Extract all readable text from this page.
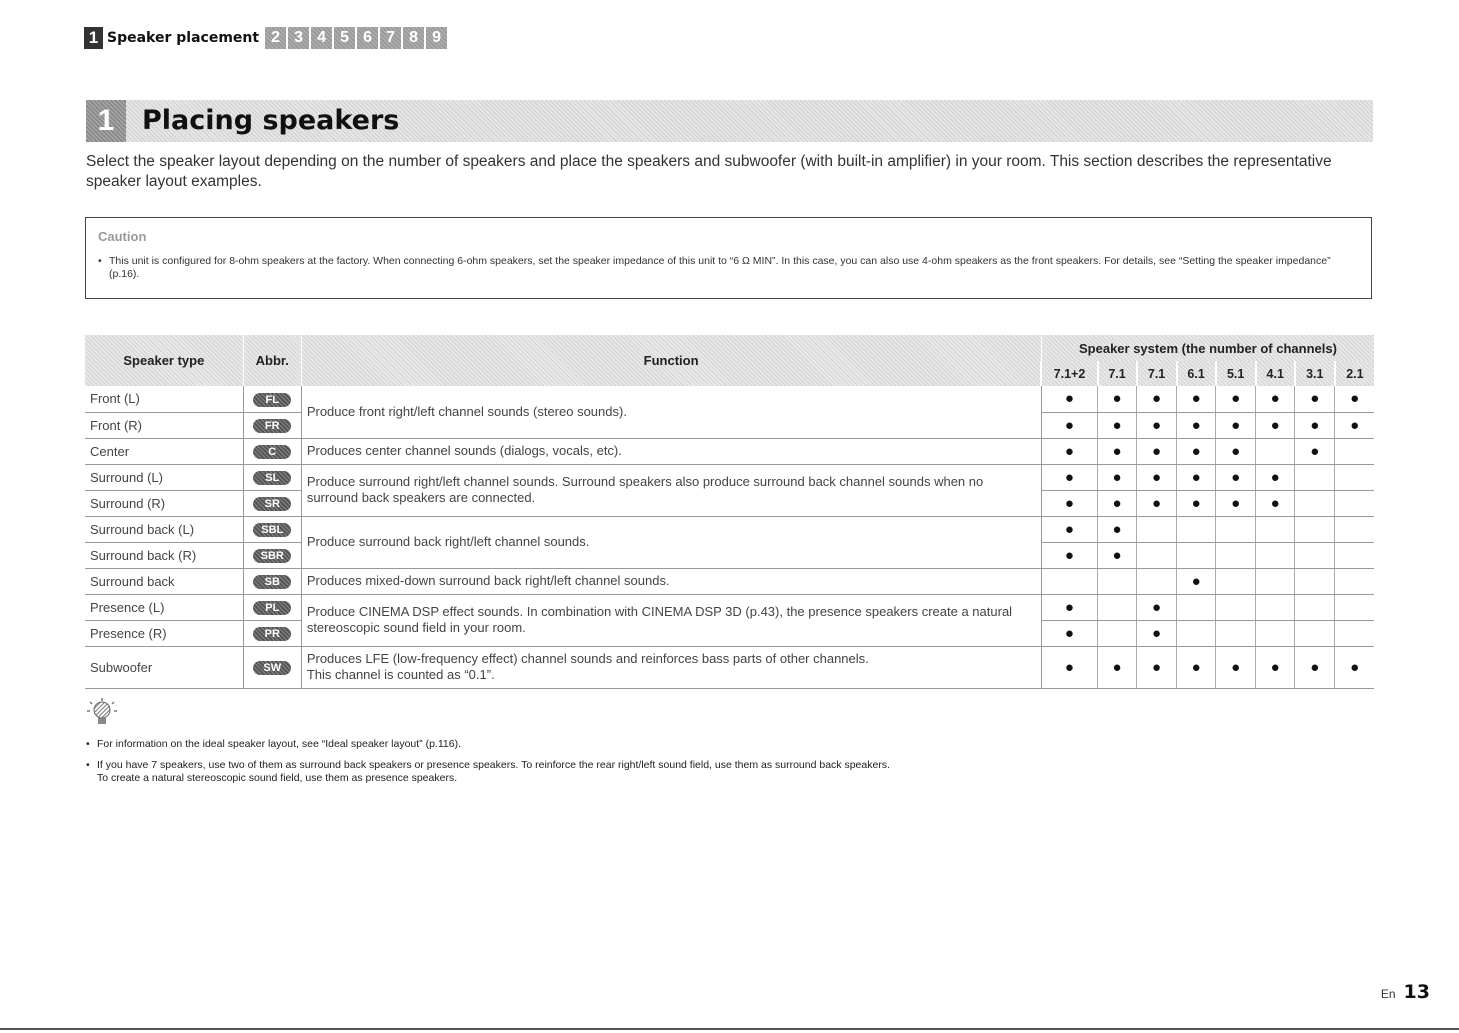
1 Speaker placement 2 3 4 5 6 7 8 9
1	Placing speakers
Select the speaker layout depending on the number of speakers and place the speakers and subwoofer (with built-in amplifier) in your room. This section describes the representative speaker layout examples.
Caution
• This unit is configured for 8-ohm speakers at the factory. When connecting 6-ohm speakers, set the speaker impedance of this unit to “6 Ω MIN”. In this case, you can also use 4-ohm speakers as the front speakers. For details, see “Setting the speaker impedance” (p.16).
Speaker type	Abbr.	Function	Speaker system (the number of channels)							
			7.1+2	7.1	7.1	6.1	5.1	4.1	3.1	2.1
Front (L)	FL	Produce front right/left channel sounds (stereo sounds).	●	●	●	●	●	●	●	●
Front (R)	FR		●	●	●	●	●	●	●	●
Center	C	Produces center channel sounds (dialogs, vocals, etc).	●	●	●	●	●		●	
Surround (L)	SL	Produce surround right/left channel sounds. Surround speakers also produce surround back channel sounds when no surround back speakers are connected.	●	●	●	●	●	●		
Surround (R)	SR		●	●	●	●	●	●		
Surround back (L)	SBL	Produce surround back right/left channel sounds.	●	●						
Surround back (R)	SBR		●	●						
Surround back	SB	Produces mixed-down surround back right/left channel sounds.				●				
Presence (L)	PL	Produce CINEMA DSP effect sounds. In combination with CINEMA DSP 3D (p.43), the presence speakers create a natural stereoscopic sound field in your room.	●		●					
Presence (R)	PR		●		●					
Subwoofer	SW	Produces LFE (low-frequency effect) channel sounds and reinforces bass parts of other channels.
This channel is counted as “0.1”.	●	●	●	●	●	●	●	●
• For information on the ideal speaker layout, see “Ideal speaker layout” (p.116).
• If you have 7 speakers, use two of them as surround back speakers or presence speakers. To reinforce the rear right/left sound field, use them as surround back speakers.
To create a natural stereoscopic sound field, use them as presence speakers.
En 13
